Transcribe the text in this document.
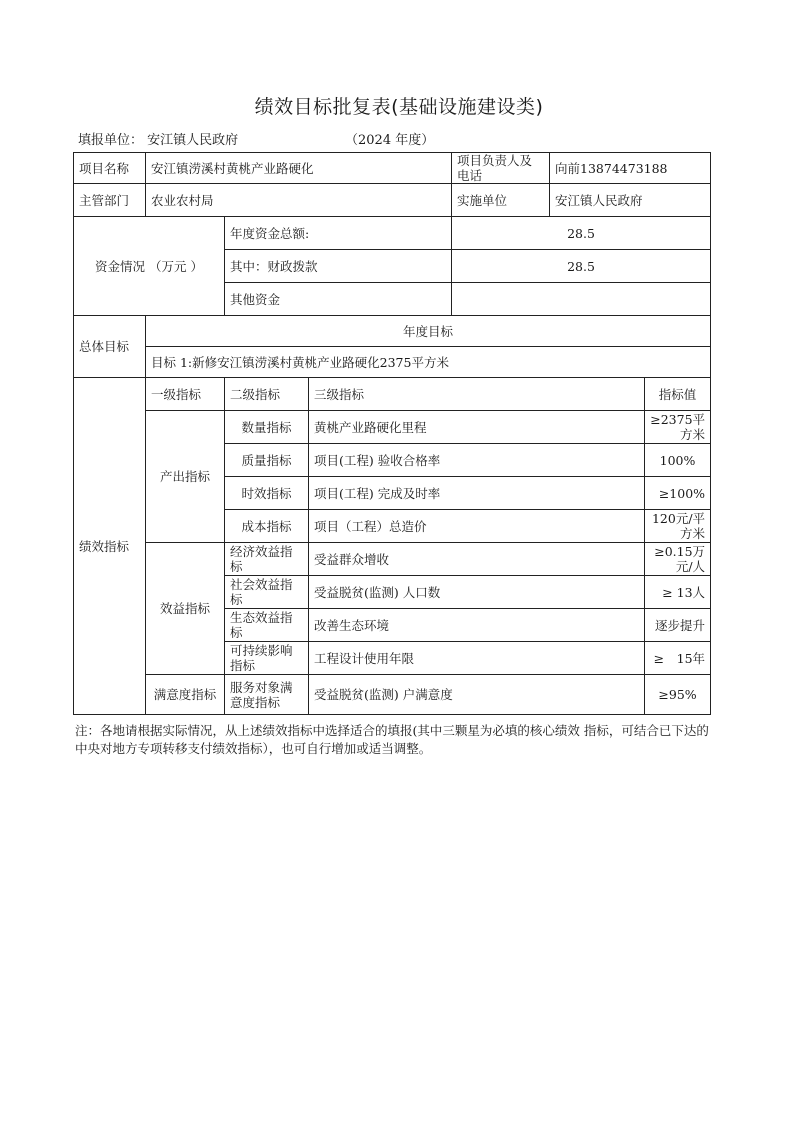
绩效目标批复表(基础设施建设类)
填报单位： 安江镇人民政府	（2024 年度）
项目名称	安江镇涝溪村黄桃产业路硬化			项目负责人及电话	向前13874473188	
主管部门	农业农村局			实施单位	安江镇人民政府	
资金情况 （万元 ）		年度资金总额:		28.5		
		其中：财政拨款		28.5		
		其他资金				
总体目标	年度目标					
	目标 1:新修安江镇涝溪村黄桃产业路硬化2375平方米					
绩效指标	一级指标	二级指标	三级指标			指标值
	产出指标	数量指标	黄桃产业路硬化里程			≥2375平方米
		质量指标	项目(工程) 验收合格率			100%
		时效指标	项目(工程) 完成及时率			≥100%
		成本指标	项目（工程）总造价			120元/平方米
	效益指标	经济效益指标	受益群众增收			≥0.15万元/人
		社会效益指标	受益脱贫(监测) 人口数			≥ 13人
		生态效益指标	改善生态环境			逐步提升
		可持续影响指标	工程设计使用年限			≥　15年
	满意度指标	服务对象满意度指标	受益脱贫(监测) 户满意度			≥95%
注：各地请根据实际情况，从上述绩效指标中选择适合的填报(其中三颗星为必填的核心绩效 指标，可结合已下达的中央对地方专项转移支付绩效指标），也可自行增加或适当调整。
